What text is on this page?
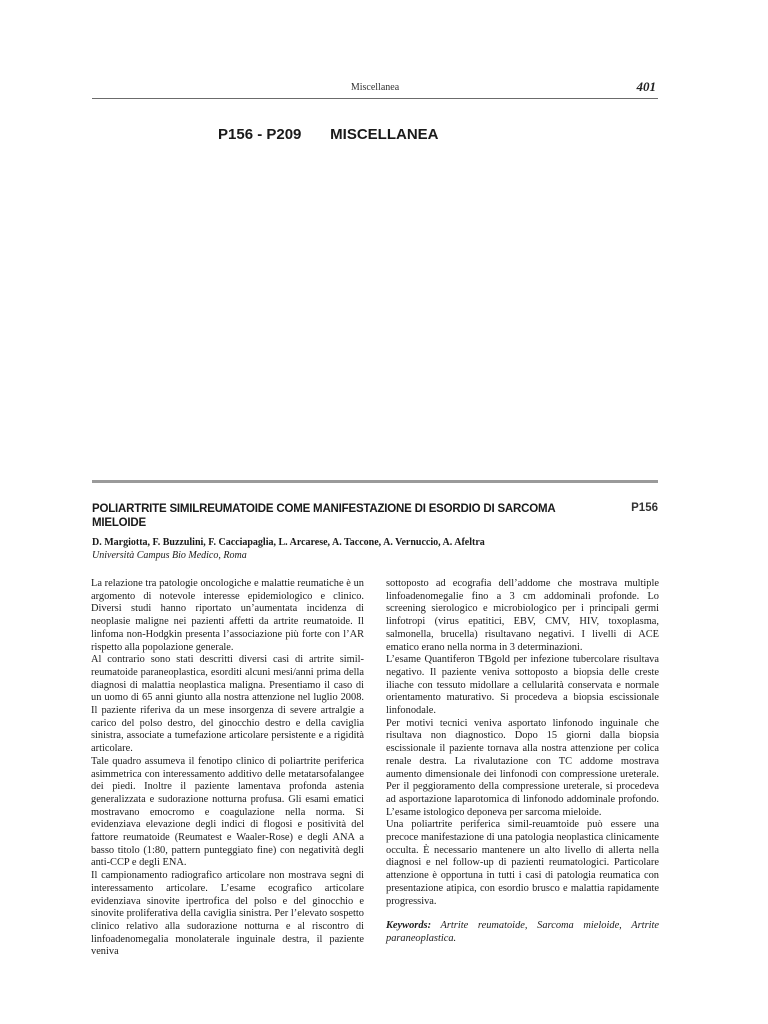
Miscellanea	401
P156 - P209 MISCELLANEA
POLIARTRITE SIMILREUMATOIDE COME MANIFESTAZIONE DI ESORDIO DI SARCOMA MIELOIDE
P156
D. Margiotta, F. Buzzulini, F. Cacciapaglia, L. Arcarese, A. Taccone, A. Vernuccio, A. Afeltra
Università Campus Bio Medico, Roma

La relazione tra patologie oncologiche e malattie reumatiche è un argomento di notevole interesse epidemiologico e clinico. Diversi studi hanno riportato un’aumentata incidenza di neoplasie maligne nei pazienti affetti da artrite reumatoide. Il linfoma non-Hodgkin presenta l’associazione più forte con l’AR rispetto alla popolazione generale.

Al contrario sono stati descritti diversi casi di artrite simil-reumatoide paraneoplastica, esorditi alcuni mesi/anni prima della diagnosi di malattia neoplastica maligna. Presentiamo il caso di un uomo di 65 anni giunto alla nostra attenzione nel luglio 2008. Il paziente riferiva da un mese insorgenza di severe artralgie a carico del polso destro, del ginocchio destro e della caviglia sinistra, associate a tumefazione articolare persistente e a rigidità articolare.

Tale quadro assumeva il fenotipo clinico di poliartrite periferica asimmetrica con interessamento additivo delle metatarsofalangee dei piedi. Inoltre il paziente lamentava profonda astenia generalizzata e sudorazione notturna profusa. Gli esami ematici mostravano emocromo e coagulazione nella norma. Si evidenziava elevazione degli indici di flogosi e positività del fattore reumatoide (Reumatest e Waaler-Rose) e degli ANA a basso titolo (1:80, pattern punteggiato fine) con negatività degli anti-CCP e degli ENA.

Il campionamento radiografico articolare non mostrava segni di interessamento articolare. L’esame ecografico articolare evidenziava sinovite ipertrofica del polso e del ginocchio e sinovite proliferativa della caviglia sinistra. Per l’elevato sospetto clinico relativo alla sudorazione notturna e al riscontro di linfoadenomegalia monolaterale inguinale destra, il paziente veniva

sottoposto ad ecografia dell’addome che mostrava multiple linfoadenomegalie fino a 3 cm addominali profonde. Lo screening sierologico e microbiologico per i principali germi linfotropi (virus epatitici, EBV, CMV, HIV, toxoplasma, salmonella, brucella) risultavano negativi. I livelli di ACE ematico erano nella norma in 3 determinazioni.

L’esame Quantiferon TBgold per infezione tubercolare risultava negativo. Il paziente veniva sottoposto a biopsia delle creste iliache con tessuto midollare a cellularità conservata e normale orientamento maturativo. Si procedeva a biopsia escissionale linfonodale.

Per motivi tecnici veniva asportato linfonodo inguinale che risultava non diagnostico. Dopo 15 giorni dalla biopsia escissionale il paziente tornava alla nostra attenzione per colica renale destra. La rivalutazione con TC addome mostrava aumento dimensionale dei linfonodi con compressione ureterale. Per il peggioramento della compressione ureterale, si procedeva ad asportazione laparotomica di linfonodo addominale profondo. L’esame istologico deponeva per sarcoma mieloide.

Una poliartrite periferica simil-reuamtoide può essere una precoce manifestazione di una patologia neoplastica clinicamente occulta. È necessario mantenere un alto livello di allerta nella diagnosi e nel follow-up di pazienti reumatologici. Particolare attenzione è opportuna in tutti i casi di patologia reumatica con presentazione atipica, con esordio brusco e malattia rapidamente progressiva.

Keywords: Artrite reumatoide, Sarcoma mieloide, Artrite paraneoplastica.
